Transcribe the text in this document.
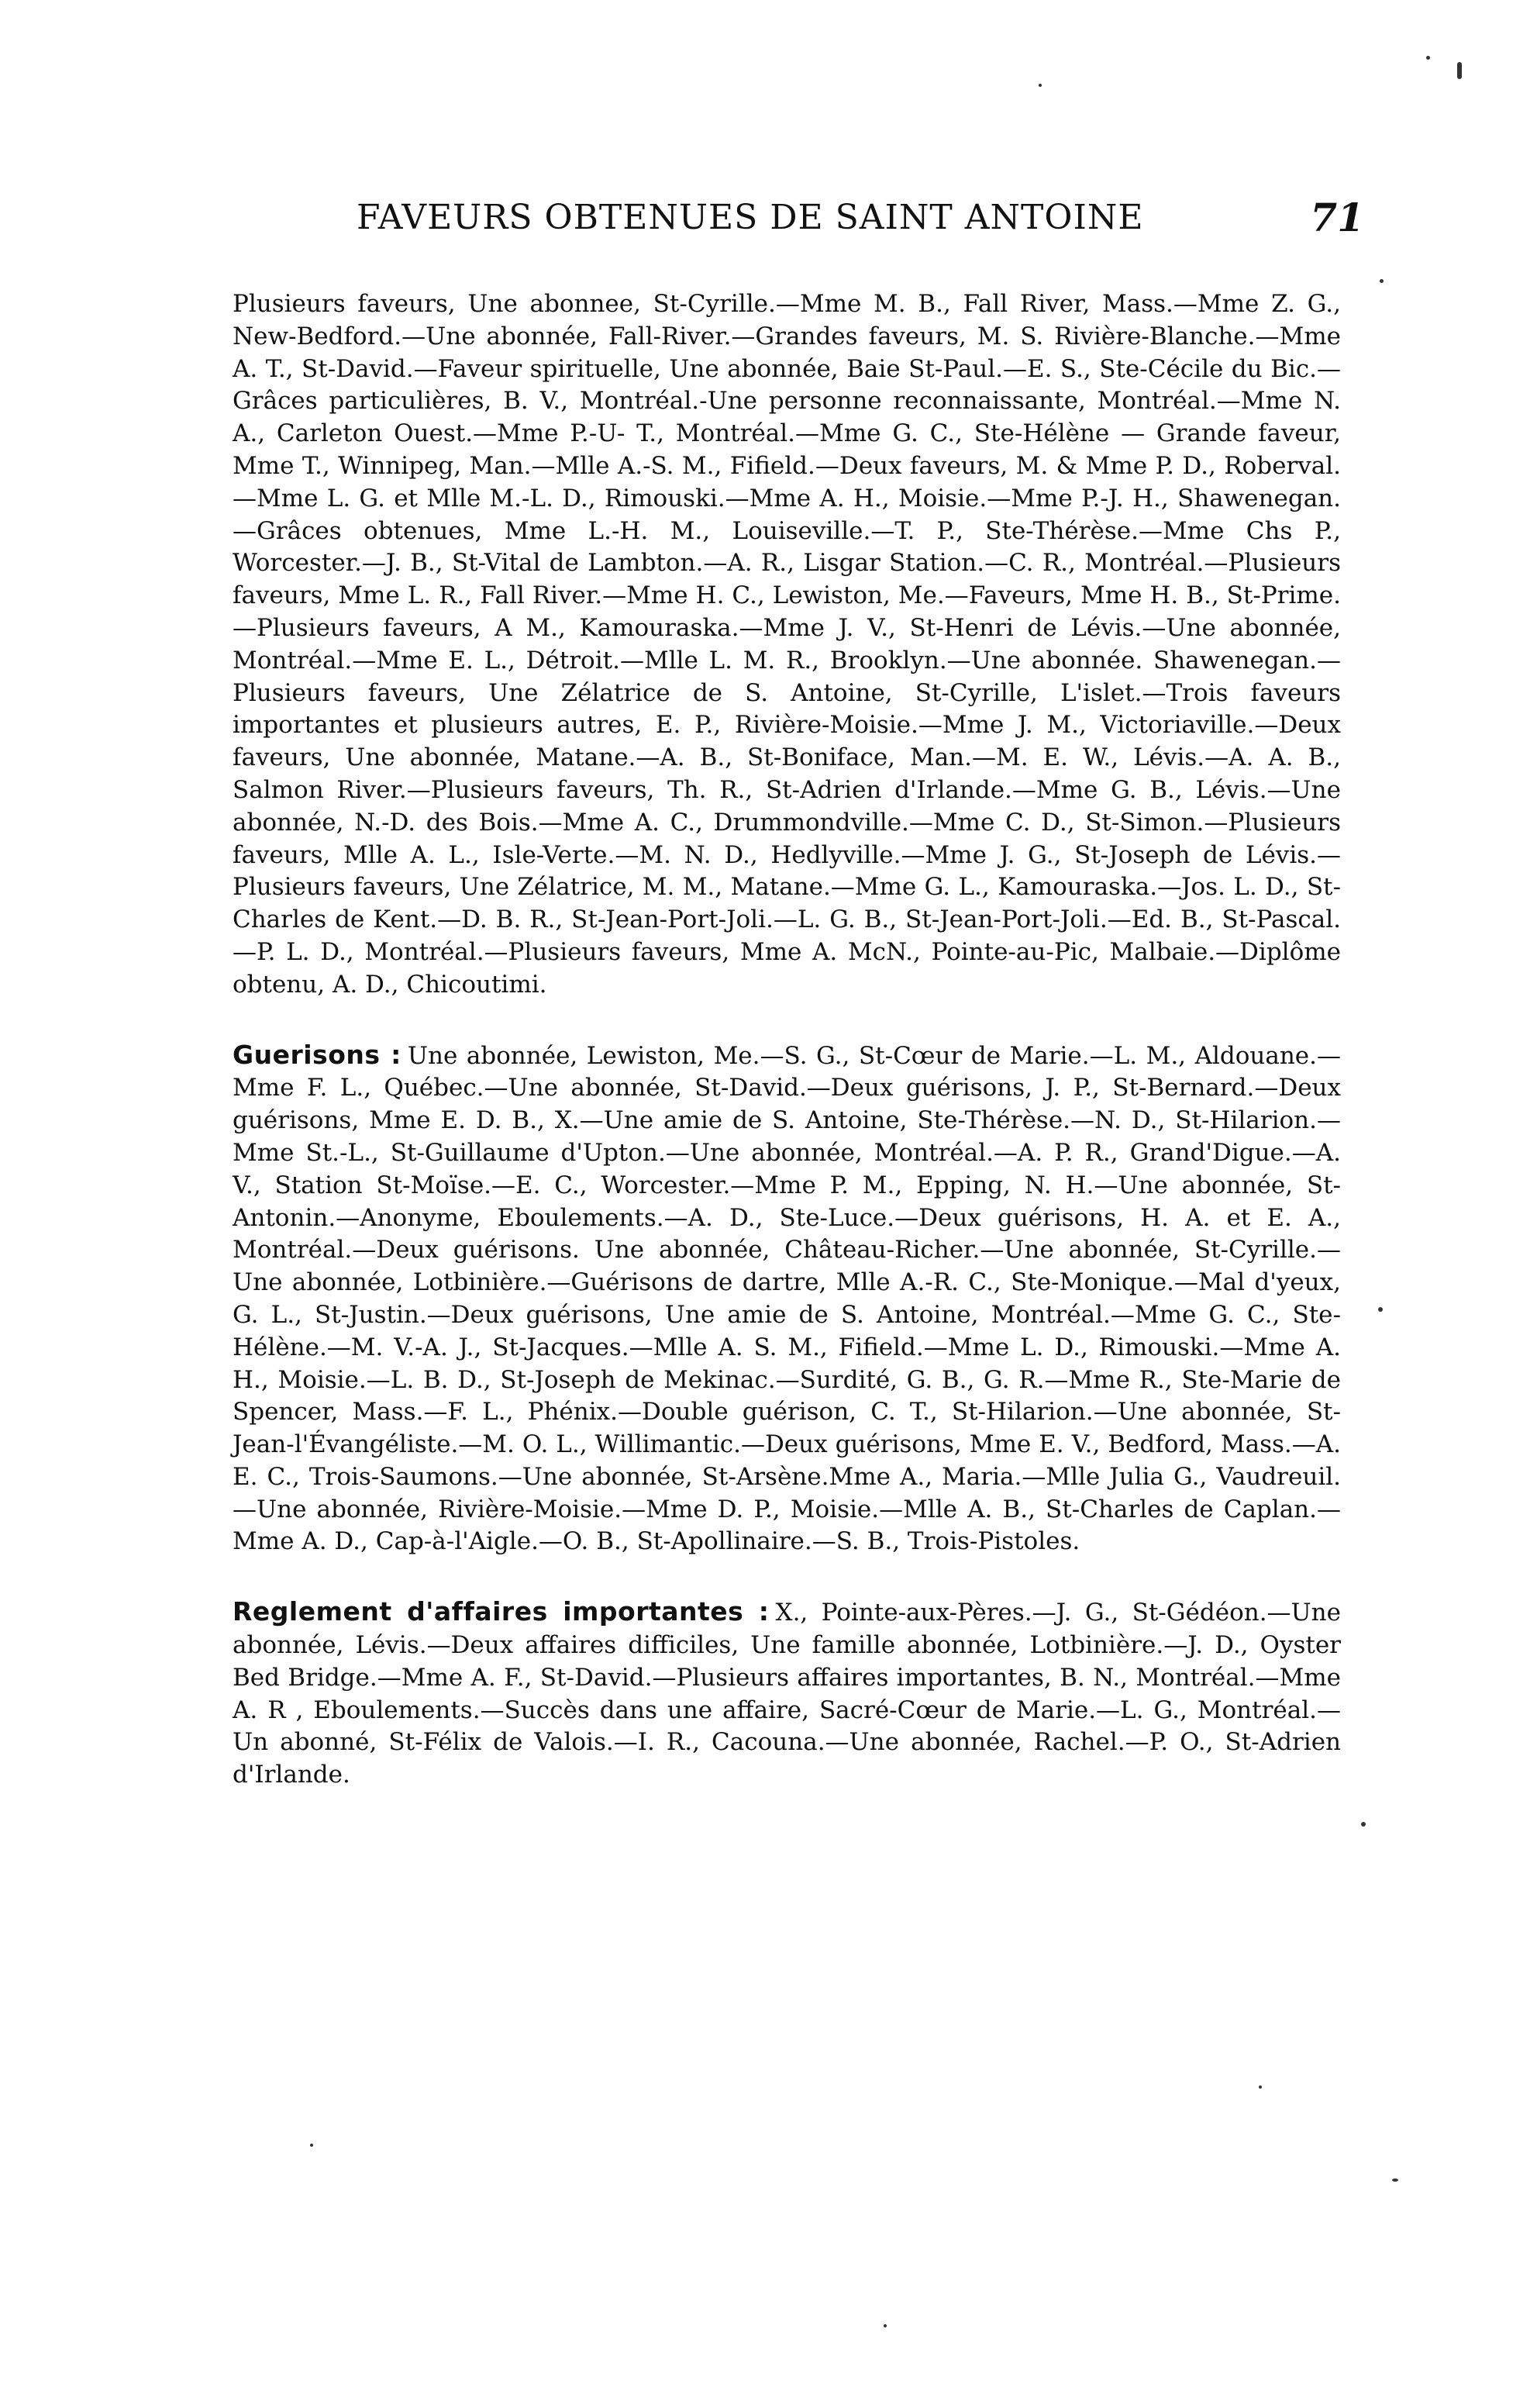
FAVEURS OBTENUES DE SAINT ANTOINE	71

Plusieurs faveurs, Une abonnee, St-Cyrille.—Mme M. B., Fall River, Mass.—Mme Z. G., New-Bedford.—Une abonnée, Fall-River.—Grandes faveurs, M. S. Rivière-Blanche.—Mme A. T., St-David.—Faveur spirituelle, Une abonnée, Baie St-Paul.—E. S., Ste-Cécile du Bic.—Grâces particulières, B. V., Montréal.-Une personne reconnaissante, Montréal.—Mme N. A., Carleton Ouest.—Mme P.-U- T., Montréal.—Mme G. C., Ste-Hélène — Grande faveur, Mme T., Winnipeg, Man.—Mlle A.-S. M., Fifield.—Deux faveurs, M. & Mme P. D., Roberval.—Mme L. G. et Mlle M.-L. D., Rimouski.—Mme A. H., Moisie.—Mme P.-J. H., Shawenegan.—Grâces obtenues, Mme L.-H. M., Louiseville.—T. P., Ste-Thérèse.—Mme Chs P., Worcester.—J. B., St-Vital de Lambton.—A. R., Lisgar Station.—C. R., Montréal.—Plusieurs faveurs, Mme L. R., Fall River.—Mme H. C., Lewiston, Me.—Faveurs, Mme H. B., St-Prime.—Plusieurs faveurs, A M., Kamouraska.—Mme J. V., St-Henri de Lévis.—Une abonnée, Montréal.—Mme E. L., Détroit.—Mlle L. M. R., Brooklyn.—Une abonnée. Shawenegan.—Plusieurs faveurs, Une Zélatrice de S. Antoine, St-Cyrille, L'islet.—Trois faveurs importantes et plusieurs autres, E. P., Rivière-Moisie.—Mme J. M., Victoriaville.—Deux faveurs, Une abonnée, Matane.—A. B., St-Boniface, Man.—M. E. W., Lévis.—A. A. B., Salmon River.—Plusieurs faveurs, Th. R., St-Adrien d'Irlande.—Mme G. B., Lévis.—Une abonnée, N.-D. des Bois.—Mme A. C., Drummondville.—Mme C. D., St-Simon.—Plusieurs faveurs, Mlle A. L., Isle-Verte.—M. N. D., Hedlyville.—Mme J. G., St-Joseph de Lévis.—Plusieurs faveurs, Une Zélatrice, M. M., Matane.—Mme G. L., Kamouraska.—Jos. L. D., St-Charles de Kent.—D. B. R., St-Jean-Port-Joli.—L. G. B., St-Jean-Port-Joli.—Ed. B., St-Pascal.—P. L. D., Montréal.—Plusieurs faveurs, Mme A. McN., Pointe-au-Pic, Malbaie.—Diplôme obtenu, A. D., Chicoutimi.

Guerisons : Une abonnée, Lewiston, Me.—S. G., St-Cœur de Marie.—L. M., Aldouane.—Mme F. L., Québec.—Une abonnée, St-David.—Deux guérisons, J. P., St-Bernard.—Deux guérisons, Mme E. D. B., X.—Une amie de S. Antoine, Ste-Thérèse.—N. D., St-Hilarion.—Mme St.-L., St-Guillaume d'Upton.—Une abonnée, Montréal.—A. P. R., Grand'Digue.—A. V., Station St-Moïse.—E. C., Worcester.—Mme P. M., Epping, N. H.—Une abonnée, St-Antonin.—Anonyme, Eboulements.—A. D., Ste-Luce.—Deux guérisons, H. A. et E. A., Montréal.—Deux guérisons. Une abonnée, Château-Richer.—Une abonnée, St-Cyrille.—Une abonnée, Lotbinière.—Guérisons de dartre, Mlle A.-R. C., Ste-Monique.—Mal d'yeux, G. L., St-Justin.—Deux guérisons, Une amie de S. Antoine, Montréal.—Mme G. C., Ste-Hélène.—M. V.-A. J., St-Jacques.—Mlle A. S. M., Fifield.—Mme L. D., Rimouski.—Mme A. H., Moisie.—L. B. D., St-Joseph de Mekinac.—Surdité, G. B., G. R.—Mme R., Ste-Marie de Spencer, Mass.—F. L., Phénix.—Double guérison, C. T., St-Hilarion.—Une abonnée, St-Jean-l'Évangéliste.—M. O. L., Willimantic.—Deux guérisons, Mme E. V., Bedford, Mass.—A. E. C., Trois-Saumons.—Une abonnée, St-Arsène.Mme A., Maria.—Mlle Julia G., Vaudreuil.—Une abonnée, Rivière-Moisie.—Mme D. P., Moisie.—Mlle A. B., St-Charles de Caplan.—Mme A. D., Cap-à-l'Aigle.—O. B., St-Apollinaire.—S. B., Trois-Pistoles.

Reglement d'affaires importantes : X., Pointe-aux-Pères.—J. G., St-Gédéon.—Une abonnée, Lévis.—Deux affaires difficiles, Une famille abonnée, Lotbinière.—J. D., Oyster Bed Bridge.—Mme A. F., St-David.—Plusieurs affaires importantes, B. N., Montréal.—Mme A. R , Eboulements.—Succès dans une affaire, Sacré-Cœur de Marie.—L. G., Montréal.—Un abonné, St-Félix de Valois.—I. R., Cacouna.—Une abonnée, Rachel.—P. O., St-Adrien d'Irlande.
